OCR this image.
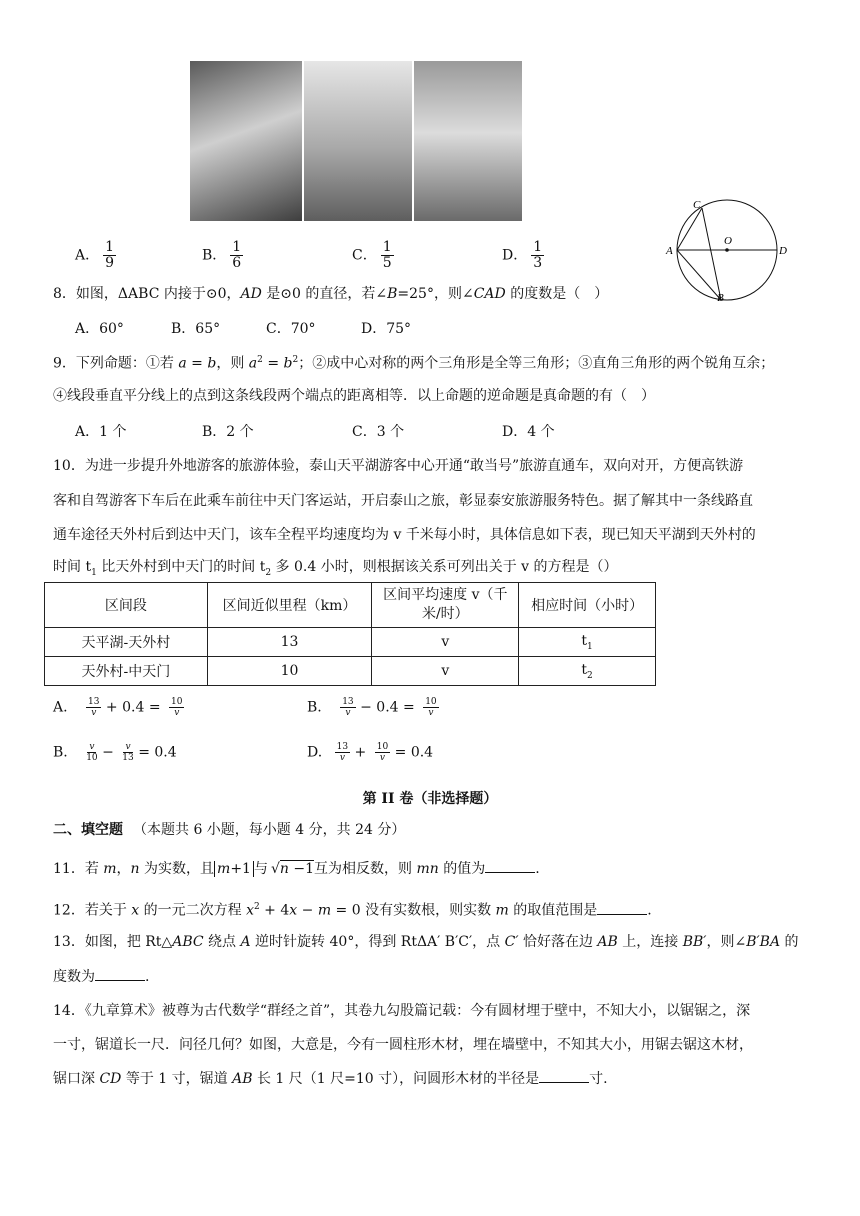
A． $\frac{1}{9}$	B． $\frac{1}{6}$	C． $\frac{1}{5}$	D． $\frac{1}{3}$
C
A
O
D
B
8．如图，ΔABC 内接于⊙0，AD 是⊙0 的直径，若∠B=25°，则∠CAD 的度数是（　）
A．60°	B．65°	C．70°	D．75°
9．下列命题：①若 a = b，则 $a^2 = b^2$；②成中心对称的两个三角形是全等三角形；③直角三角形的两个锐角互余；
④线段垂直平分线上的点到这条线段两个端点的距离相等．以上命题的逆命题是真命题的有（　）
A．1 个	B．2 个	C．3 个	D．4 个
10．为进一步提升外地游客的旅游体验，泰山天平湖游客中心开通“敢当号”旅游直通车，双向对开，方便高铁游
客和自驾游客下车后在此乘车前往中天门客运站，开启泰山之旅，彰显泰安旅游服务特色。据了解其中一条线路直
通车途径天外村后到达中天门，该车全程平均速度均为 v 千米每小时，具体信息如下表，现已知天平湖到天外村的
时间 $t_1$ 比天外村到中天门的时间 $t_2$ 多 0.4 小时，则根据该关系可列出关于 v 的方程是（）
区间段	区间近似里程（km）	区间平均速度 v（千米/时）	相应时间（小时）
天平湖-天外村	13	v	$t_1$
天外村-中天门	10	v	$t_2$
A. $\frac{13}{v} + 0.4 = \frac{10}{v}$	B. $\frac{13}{v} - 0.4 = \frac{10}{v}$
B. $\frac{v}{10} - \frac{v}{13} = 0.4$	D. $\frac{13}{v} + \frac{10}{v} = 0.4$
第 II 卷（非选择题）
二、填空题 （本题共 6 小题，每小题 4 分，共 24 分）
11．若 m，n 为实数，且 m+1 与 √n −1互为相反数，则 mn 的值为	.
12．若关于 x 的一元二次方程 $x^2 + 4x - m = 0$ 没有实数根，则实数 m 的取值范围是	.
13．如图，把 Rt△ABC 绕点 A 逆时针旋转 40°，得到 RtΔA′ B′C′，点 C′ 恰好落在边 AB 上，连接 BB′，则∠B′BA 的
度数为	.
14．《九章算术》被尊为古代数学“群经之首”，其卷九勾股篇记载：今有圆材埋于壁中，不知大小，以锯锯之，深
一寸，锯道长一尺．问径几何？如图，大意是，今有一圆柱形木材，埋在墙壁中，不知其大小，用锯去锯这木材，
锯口深 CD 等于 1 寸，锯道 AB 长 1 尺（1 尺=10 寸），问圆形木材的半径是	寸.
